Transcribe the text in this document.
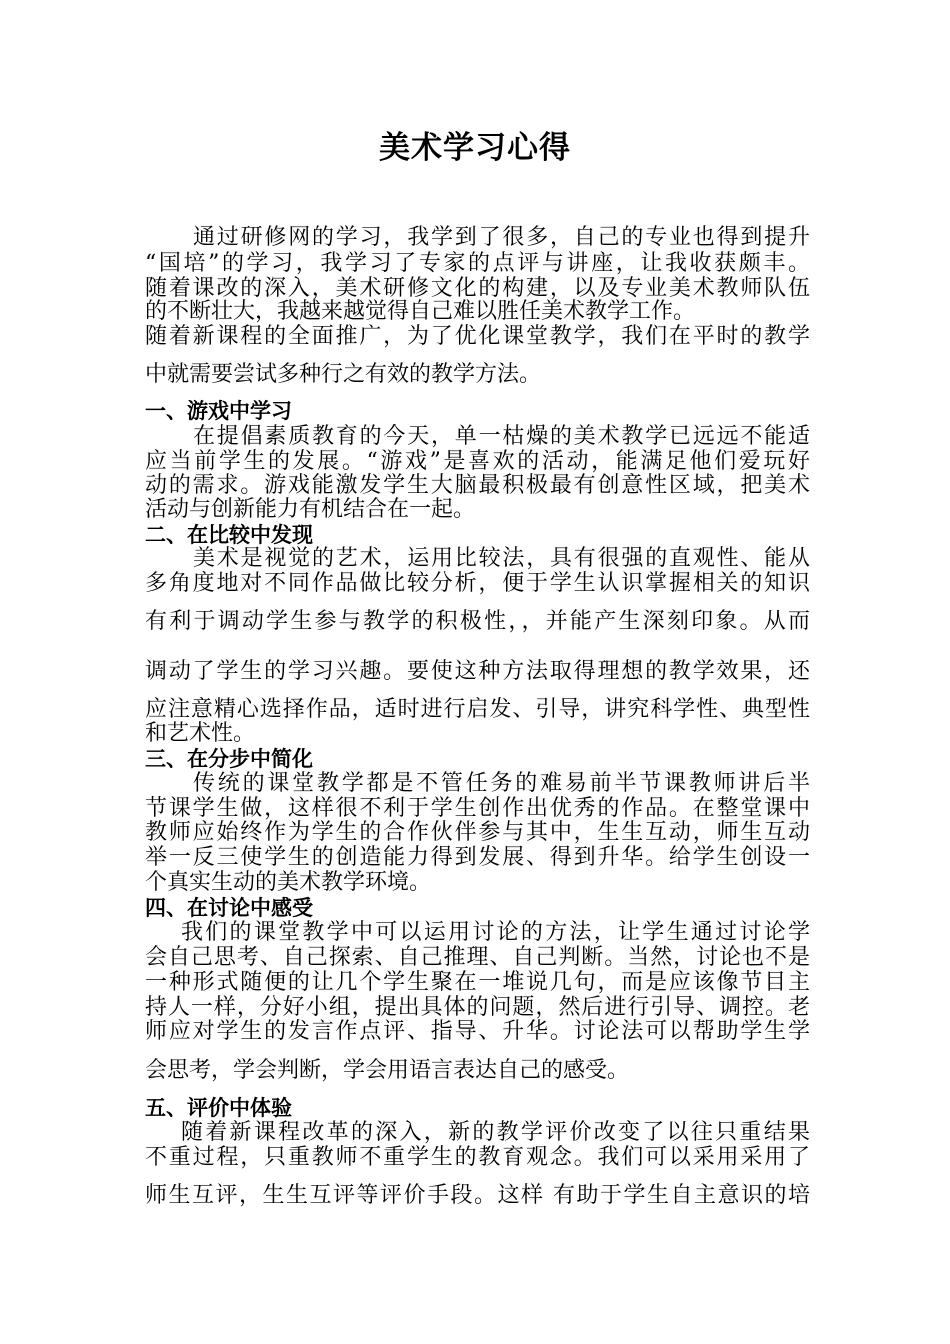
美术学习心得
通过研修网的学习，我学到了很多，自己的专业也得到提升
“国培”的学习，我学习了专家的点评与讲座，让我收获颇丰。
随着课改的深入，美术研修文化的构建，以及专业美术教师队伍
的不断壮大，我越来越觉得自己难以胜任美术教学工作。
随着新课程的全面推广，为了优化课堂教学，我们在平时的教学
中就需要尝试多种行之有效的教学方法。
一、游戏中学习
在提倡素质教育的今天，单一枯燥的美术教学已远远不能适
应当前学生的发展。“游戏”是喜欢的活动，能满足他们爱玩好
动的需求。游戏能激发学生大脑最积极最有创意性区域，把美术
活动与创新能力有机结合在一起。
二、在比较中发现
美术是视觉的艺术，运用比较法，具有很强的直观性、能从
多角度地对不同作品做比较分析，便于学生认识掌握相关的知识
有利于调动学生参与教学的积极性，，并能产生深刻印象。从而
调动了学生的学习兴趣。要使这种方法取得理想的教学效果，还
应注意精心选择作品，适时进行启发、引导，讲究科学性、典型性
和艺术性。
三、在分步中简化
传统的课堂教学都是不管任务的难易前半节课教师讲后半
节课学生做，这样很不利于学生创作出优秀的作品。在整堂课中
教师应始终作为学生的合作伙伴参与其中，生生互动，师生互动
举一反三使学生的创造能力得到发展、得到升华。给学生创设一
个真实生动的美术教学环境。
四、在讨论中感受
我们的课堂教学中可以运用讨论的方法，让学生通过讨论学
会自己思考、自己探索、自己推理、自己判断。当然，讨论也不是
一种形式随便的让几个学生聚在一堆说几句，而是应该像节目主
持人一样，分好小组，提出具体的问题，然后进行引导、调控。老
师应对学生的发言作点评、指导、升华。讨论法可以帮助学生学
会思考，学会判断，学会用语言表达自己的感受。
五、评价中体验
随着新课程改革的深入，新的教学评价改变了以往只重结果
不重过程，只重教师不重学生的教育观念。我们可以采用采用了
师生互评，生生互评等评价手段。这样 有助于学生自主意识的培
